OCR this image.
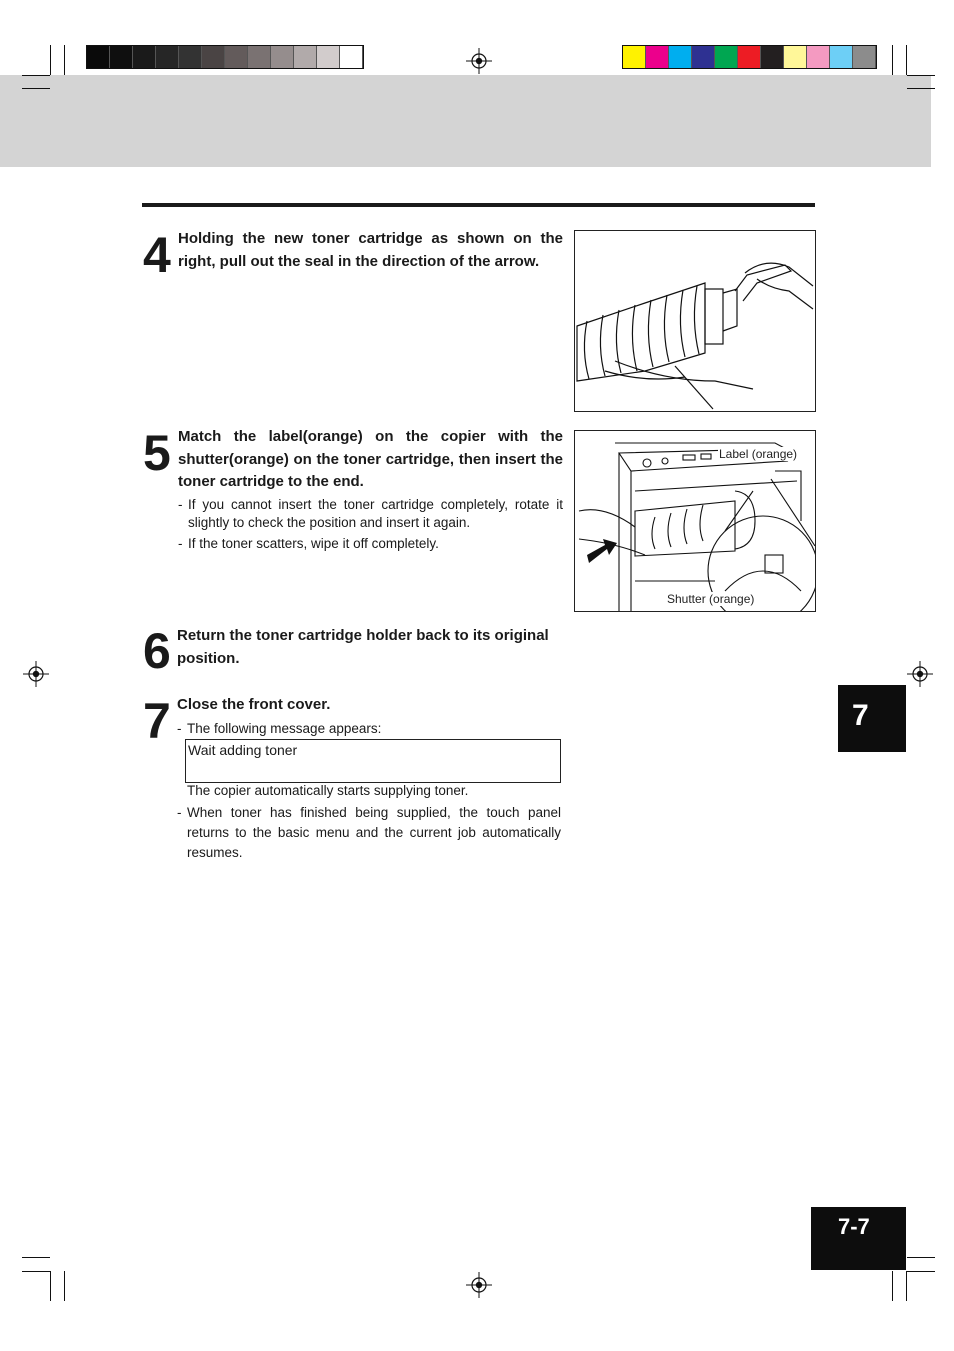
4 Holding the new toner cartridge as shown on the right, pull out the seal in the direction of the arrow.
5 Match the label(orange) on the copier with the shutter(orange) on the toner cartridge, then insert the toner cartridge to the end.
- If you cannot insert the toner cartridge completely, rotate it slightly to check the position and insert it again.
- If the toner scatters, wipe it off completely.
Label (orange)
Shutter (orange)
6 Return the toner cartridge holder back to its original position.
7 Close the front cover.
- The following message appears:
Wait adding toner
The copier automatically starts supplying toner.
- When toner has finished being supplied, the touch panel returns to the basic menu and the current job automatically resumes.
7
7-7
